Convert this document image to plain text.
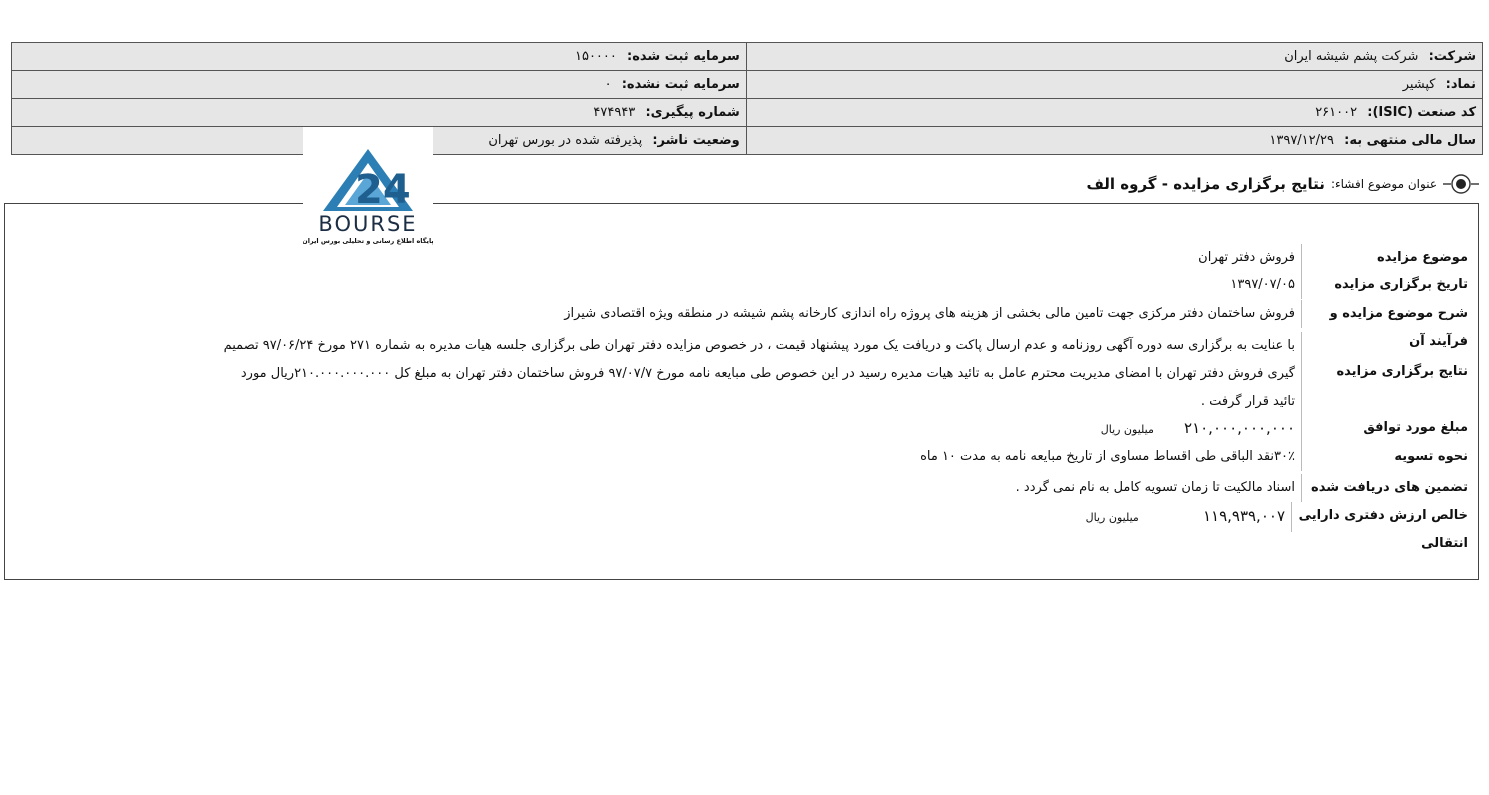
شرکت: شرکت پشم شیشه ایران	سرمایه ثبت شده: ۱۵۰۰۰۰
نماد: کپشیر	سرمایه ثبت نشده: ۰
کد صنعت (ISIC): ۲۶۱۰۰۲	شماره پیگیری: ۴۷۴۹۴۳
سال مالی منتهی به: ۱۳۹۷/۱۲/۲۹	وضعیت ناشر: پذیرفته شده در بورس تهران
موضوع مزایده
فروش دفتر تهران
تاریخ برگزاری مزایده
۱۳۹۷/۰۷/۰۵
شرح موضوع مزایده و فرآیند آن
فروش ساختمان دفتر مرکزی جهت تامین مالی بخشی از هزینه های پروژه راه اندازی کارخانه پشم شیشه در منطقه ویژه اقتصادی شیراز
نتایج برگزاری مزایده
با عنایت به برگزاری سه دوره آگهی روزنامه و عدم ارسال پاکت و دریافت یک مورد پیشنهاد قیمت ، در خصوص مزایده دفتر تهران طی برگزاری جلسه هیات مدیره به شماره ۲۷۱ مورخ ۹۷/۰۶/۲۴ تصمیم
گیری فروش دفتر تهران با امضای مدیریت محترم عامل به تائید هیات مدیره رسید در این خصوص طی مبایعه نامه مورخ ۹۷/۰۷/۷ فروش ساختمان دفتر تهران به مبلغ کل ۲۱۰.۰۰۰.۰۰۰.۰۰۰ریال مورد
تائید قرار گرفت .
مبلغ مورد توافق
۲۱۰,۰۰۰,۰۰۰,۰۰۰ میلیون ریال
نحوه تسویه
۳۰٪نقد الباقی طی اقساط مساوی از تاریخ مبایعه نامه به مدت ۱۰ ماه
تضمین های دریافت شده
اسناد مالکیت تا زمان تسویه کامل به نام نمی گردد .
خالص ارزش دفتری دارایی انتقالی
۱۱۹,۹۳۹,۰۰۷ میلیون ریال
24
BOURSE
پایگاه اطلاع رسانی و تحلیلی بورس ایران
عنوان موضوع افشاء:
نتایج برگزاری مزایده - گروه الف
